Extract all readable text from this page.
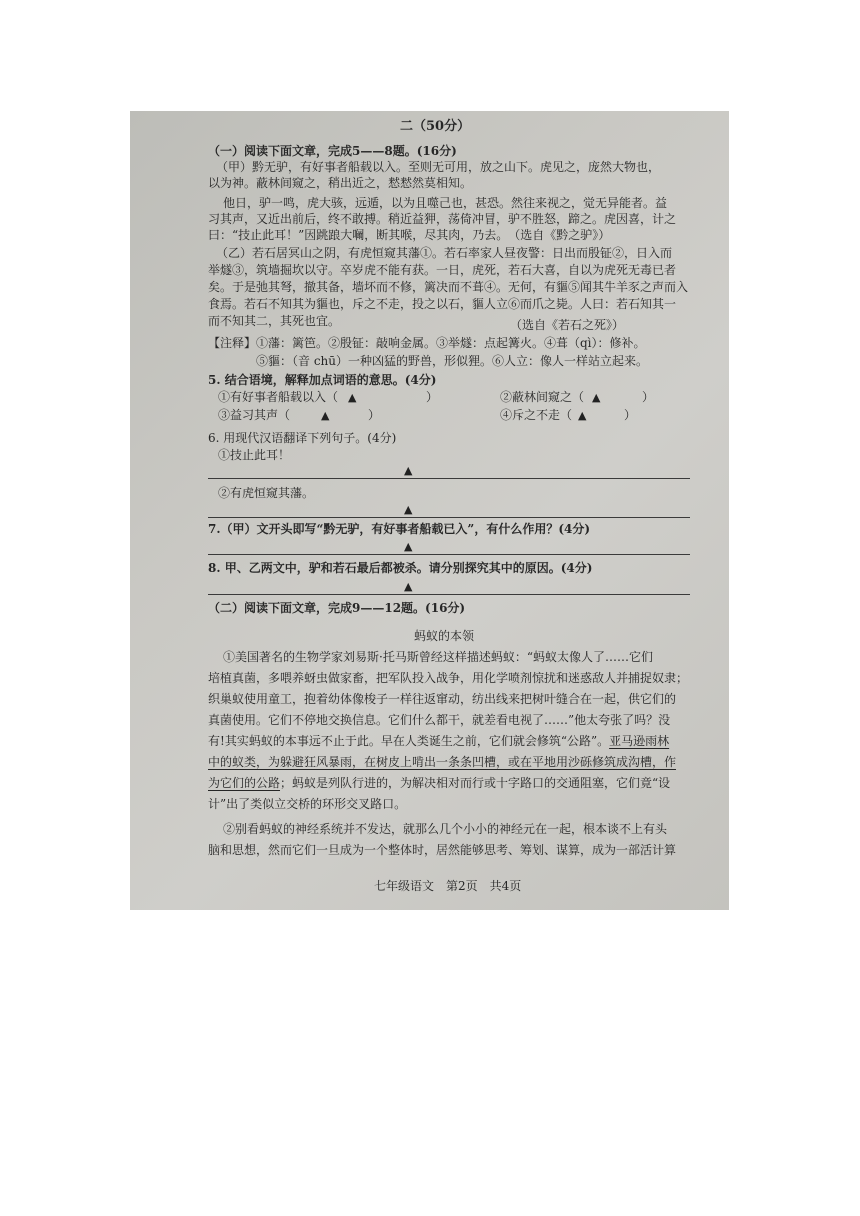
二（50分）
（一）阅读下面文章，完成5——8题。(16分)
（甲）黔无驴，有好事者船载以入。至则无可用，放之山下。虎见之，庞然大物也，
以为神。蔽林间窥之，稍出近之，慭慭然莫相知。
他日，驴一鸣，虎大骇，远遁，以为且噬己也，甚恐。然往来视之，觉无异能者。益
习其声，又近出前后，终不敢搏。稍近益狎，荡倚冲冒，驴不胜怒，蹄之。虎因喜，计之
曰：“技止此耳！”因跳踉大㘎，断其喉，尽其肉，乃去。　（选自《黔之驴》）
（乙）若石居冥山之阴，有虎恒窥其藩①。若石率家人昼夜警：日出而殷钲②，日入而
举燧③，筑墙掘坎以守。卒岁虎不能有获。一日，虎死，若石大喜，自以为虎死无毒已者
矣。于是弛其弩，撤其备，墙坏而不修，篱决而不葺④。无何，有貙⑤闻其牛羊豕之声而入
食焉。若石不知其为貙也，斥之不走，投之以石，貙人立⑥而爪之毙。人曰：若石知其一
而不知其二，其死也宜。	（选自《若石之死》）
【注释】①藩：篱笆。②殷钲：敲响金属。③举燧：点起篝火。④葺（qì）：修补。
⑤貙：（音 chū）一种凶猛的野兽，形似狸。⑥人立：像人一样站立起来。
5. 结合语境，解释加点词语的意思。(4分)
①有好事者船载以入（ ▲	）	②蔽林间窥之（ ▲	）
③益习其声（	▲	）	④斥之不走（ ▲	）
6. 用现代汉语翻译下列句子。(4分)
①技止此耳！
▲
②有虎恒窥其藩。
▲
7.（甲）文开头即写“黔无驴，有好事者船载已入”，有什么作用？(4分)
▲
8. 甲、乙两文中，驴和若石最后都被杀。请分别探究其中的原因。(4分)
▲
（二）阅读下面文章，完成9——12题。(16分)
蚂蚁的本领
①美国著名的生物学家刘易斯·托马斯曾经这样描述蚂蚁：“蚂蚁太像人了……它们
培植真菌，多喂养蚜虫做家畜，把军队投入战争，用化学喷剂惊扰和迷惑敌人并捕捉奴隶；
织巢蚁使用童工，抱着幼体像梭子一样往返窜动，纺出线来把树叶缝合在一起，供它们的
真菌使用。它们不停地交换信息。它们什么都干，就差看电视了……”他太夸张了吗？没
有!其实蚂蚁的本事远不止于此。早在人类诞生之前，它们就会修筑“公路”。亚马逊雨林
中的蚁类，为躲避狂风暴雨，在树皮上啃出一条条凹槽，或在平地用沙砾修筑成沟槽，作
为它们的公路；蚂蚁是列队行进的，为解决相对而行或十字路口的交通阻塞，它们竟“设
计”出了类似立交桥的环形交叉路口。
②别看蚂蚁的神经系统并不发达，就那么几个小小的神经元在一起，根本谈不上有头
脑和思想，然而它们一旦成为一个整体时，居然能够思考、筹划、谋算，成为一部活计算
七年级语文　第2页　共4页
